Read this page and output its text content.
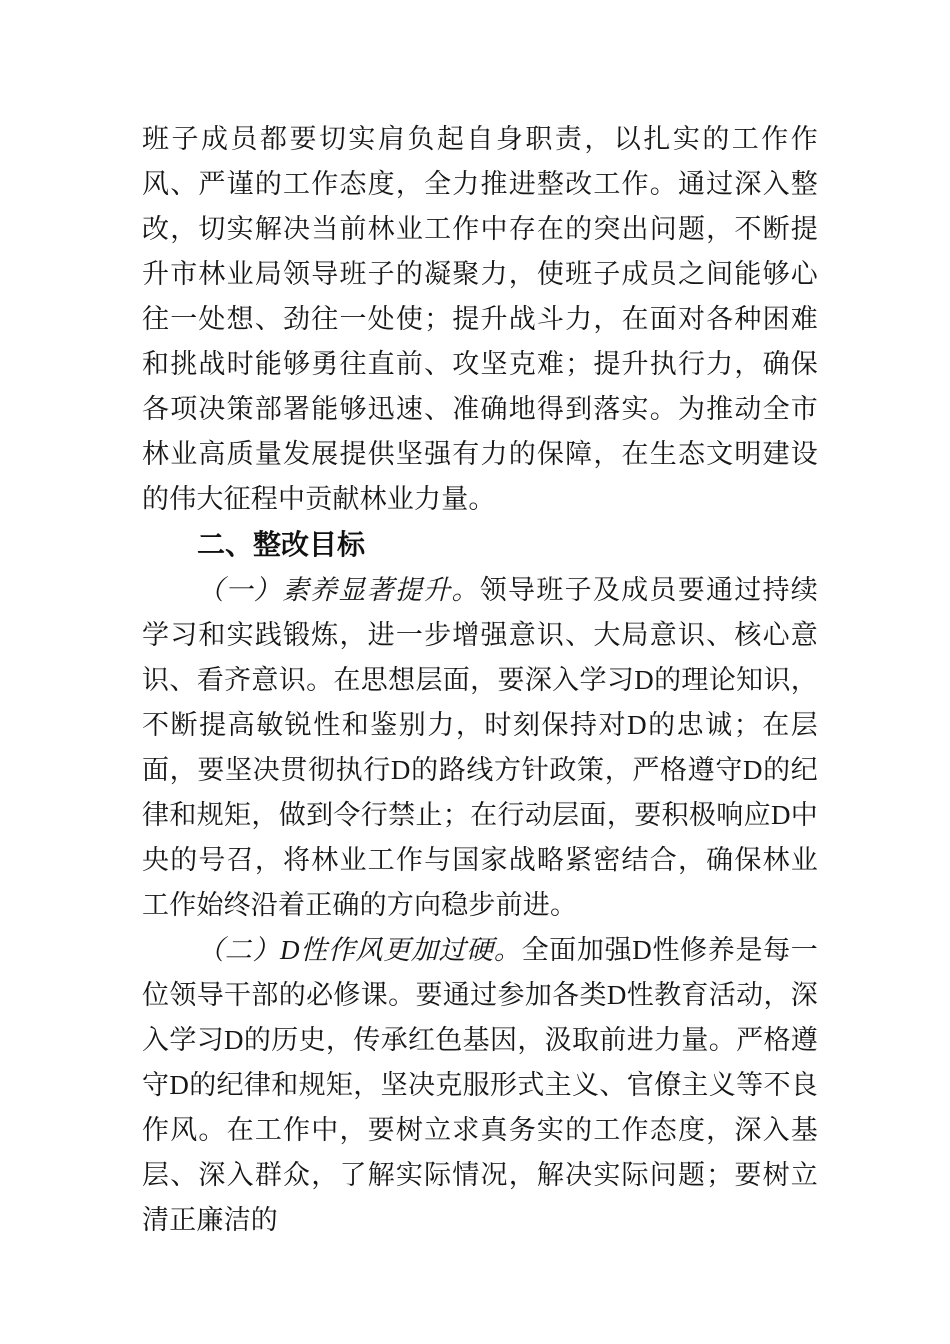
班子成员都要切实肩负起自身职责，以扎实的工作作风、严谨的工作态度，全力推进整改工作。通过深入整改，切实解决当前林业工作中存在的突出问题，不断提升市林业局领导班子的凝聚力，使班子成员之间能够心往一处想、劲往一处使；提升战斗力，在面对各种困难和挑战时能够勇往直前、攻坚克难；提升执行力，确保各项决策部署能够迅速、准确地得到落实。为推动全市林业高质量发展提供坚强有力的保障，在生态文明建设的伟大征程中贡献林业力量。

二、整改目标

（一）素养显著提升。领导班子及成员要通过持续学习和实践锻炼，进一步增强意识、大局意识、核心意识、看齐意识。在思想层面，要深入学习D的理论知识，不断提高敏锐性和鉴别力，时刻保持对D的忠诚；在层面，要坚决贯彻执行D的路线方针政策，严格遵守D的纪律和规矩，做到令行禁止；在行动层面，要积极响应D中央的号召，将林业工作与国家战略紧密结合，确保林业工作始终沿着正确的方向稳步前进。

（二）D性作风更加过硬。全面加强D性修养是每一位领导干部的必修课。要通过参加各类D性教育活动，深入学习D的历史，传承红色基因，汲取前进力量。严格遵守D的纪律和规矩，坚决克服形式主义、官僚主义等不良作风。在工作中，要树立求真务实的工作态度，深入基层、深入群众，了解实际情况，解决实际问题；要树立清正廉洁的
